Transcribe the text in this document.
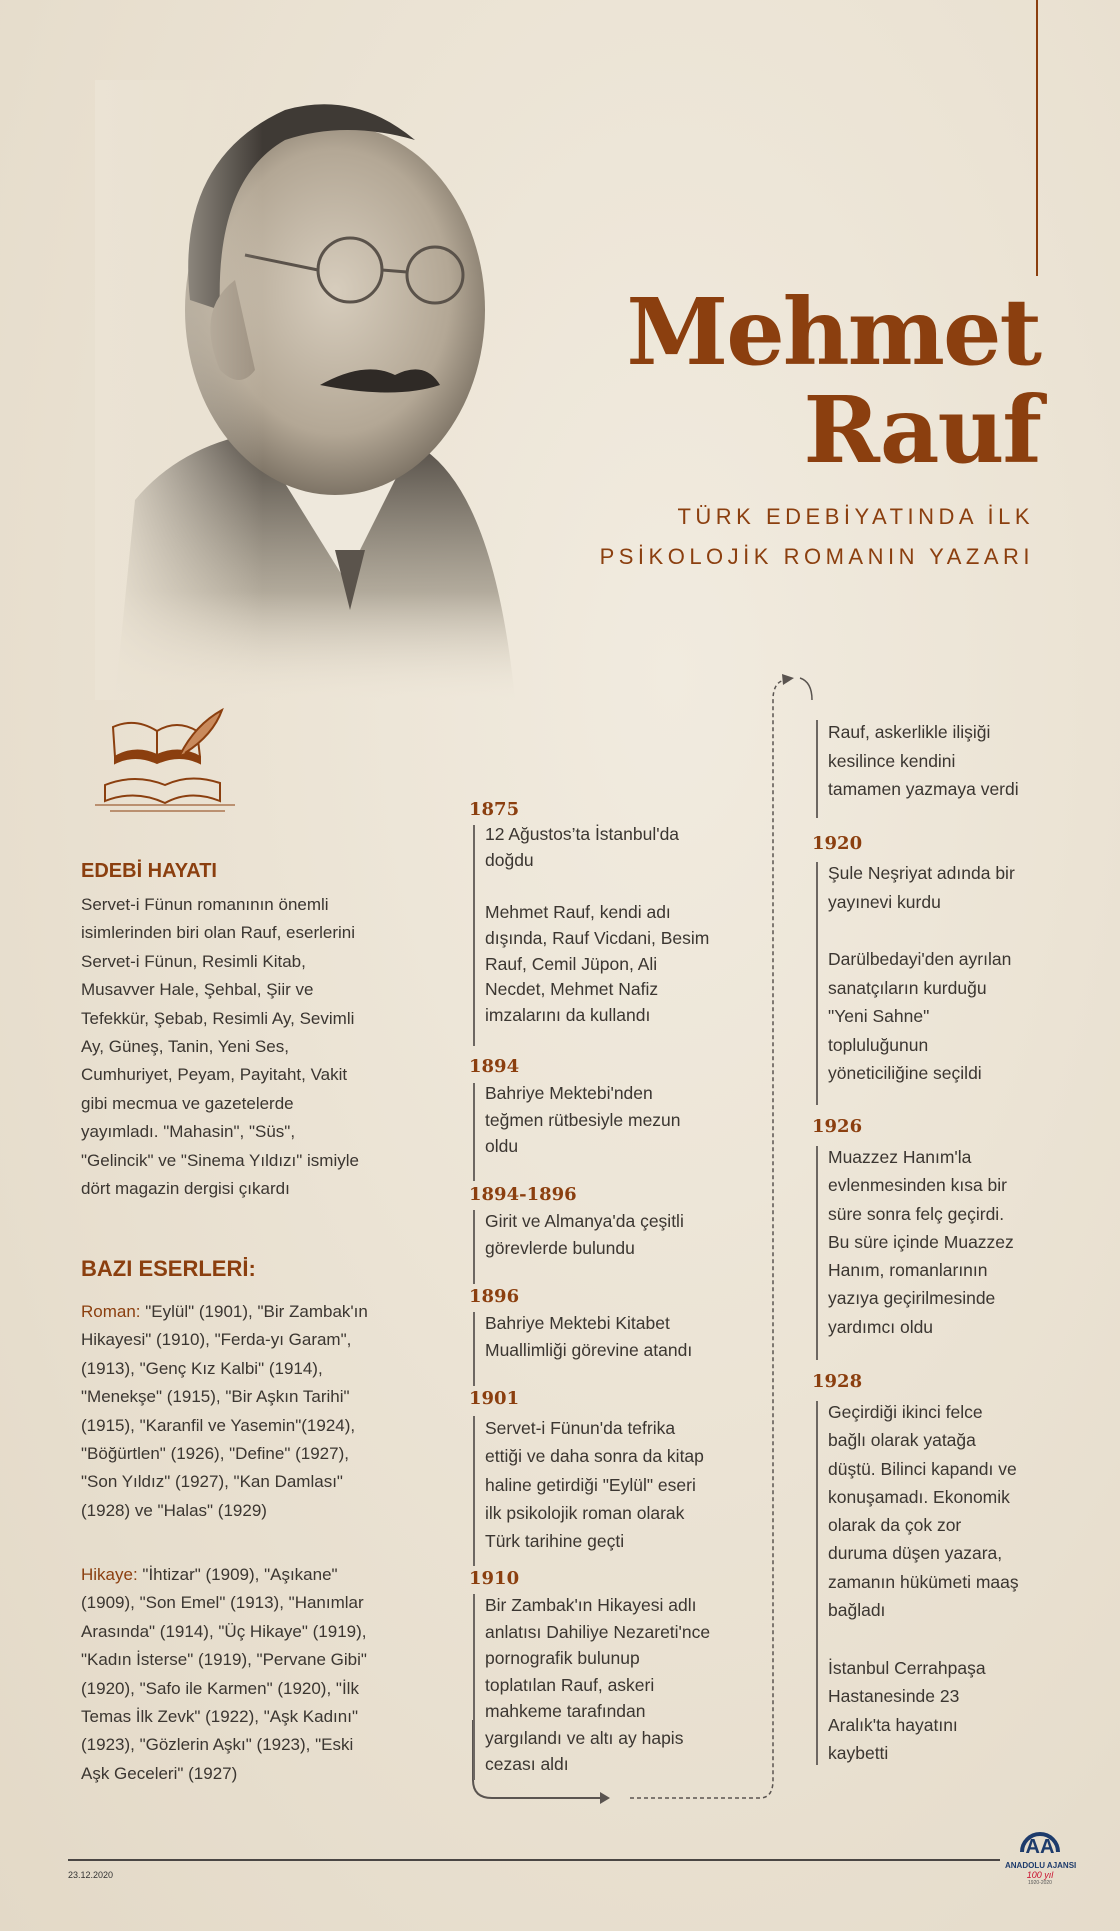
Mehmet
Rauf
TÜRK EDEBİYATINDA İLK
PSİKOLOJİK ROMANIN YAZARI
EDEBİ HAYATI
Servet-i Fünun romanının önemli
isimlerinden biri olan Rauf, eserlerini
Servet-i Fünun, Resimli Kitab,
Musavver Hale, Şehbal, Şiir ve
Tefekkür, Şebab, Resimli Ay, Sevimli
Ay, Güneş, Tanin, Yeni Ses,
Cumhuriyet, Peyam, Payitaht, Vakit
gibi mecmua ve gazetelerde
yayımladı. "Mahasin", "Süs",
"Gelincik" ve "Sinema Yıldızı" ismiyle
dört magazin dergisi çıkardı
BAZI ESERLERİ:
Roman: "Eylül" (1901), "Bir Zambak'ın
Hikayesi" (1910), "Ferda-yı Garam",
(1913), "Genç Kız Kalbi" (1914),
"Menekşe" (1915), "Bir Aşkın Tarihi"
(1915), "Karanfil ve Yasemin"(1924),
"Böğürtlen" (1926), "Define" (1927),
"Son Yıldız" (1927), "Kan Damlası"
(1928) ve "Halas" (1929)
Hikaye: "İhtizar" (1909), "Aşıkane"
(1909), "Son Emel" (1913), "Hanımlar
Arasında" (1914), "Üç Hikaye" (1919),
"Kadın İsterse" (1919), "Pervane Gibi"
(1920), "Safo ile Karmen" (1920), "İlk
Temas İlk Zevk" (1922), "Aşk Kadını"
(1923), "Gözlerin Aşkı" (1923), "Eski
Aşk Geceleri" (1927)
1875
12 Ağustos’ta İstanbul'da
doğdu
Mehmet Rauf, kendi adı
dışında, Rauf Vicdani, Besim
Rauf, Cemil Jüpon, Ali
Necdet, Mehmet Nafiz
imzalarını da kullandı
1894
Bahriye Mektebi'nden
teğmen rütbesiyle mezun
oldu
1894-1896
Girit ve Almanya'da çeşitli
görevlerde bulundu
1896
Bahriye Mektebi Kitabet
Muallimliği görevine atandı
1901
Servet-i Fünun'da tefrika
ettiği ve daha sonra da kitap
haline getirdiği "Eylül" eseri
ilk psikolojik roman olarak
Türk tarihine geçti
1910
Bir Zambak'ın Hikayesi adlı
anlatısı Dahiliye Nezareti'nce
pornografik bulunup
toplatılan Rauf, askeri
mahkeme tarafından
yargılandı ve altı ay hapis
cezası aldı
Rauf, askerlikle ilişiği
kesilince kendini
tamamen yazmaya verdi
1920
Şule Neşriyat adında bir
yayınevi kurdu
Darülbedayi'den ayrılan
sanatçıların kurduğu
"Yeni Sahne"
topluluğunun
yöneticiliğine seçildi
1926
Muazzez Hanım'la
evlenmesinden kısa bir
süre sonra felç geçirdi.
Bu süre içinde Muazzez
Hanım, romanlarının
yazıya geçirilmesinde
yardımcı oldu
1928
Geçirdiği ikinci felce
bağlı olarak yatağa
düştü. Bilinci kapandı ve
konuşamadı. Ekonomik
olarak da çok zor
duruma düşen yazara,
zamanın hükümeti maaş
bağladı
İstanbul Cerrahpaşa
Hastanesinde 23
Aralık'ta hayatını
kaybetti
23.12.2020
AA
ANADOLU AJANSI
100 yıl
1920-2020
